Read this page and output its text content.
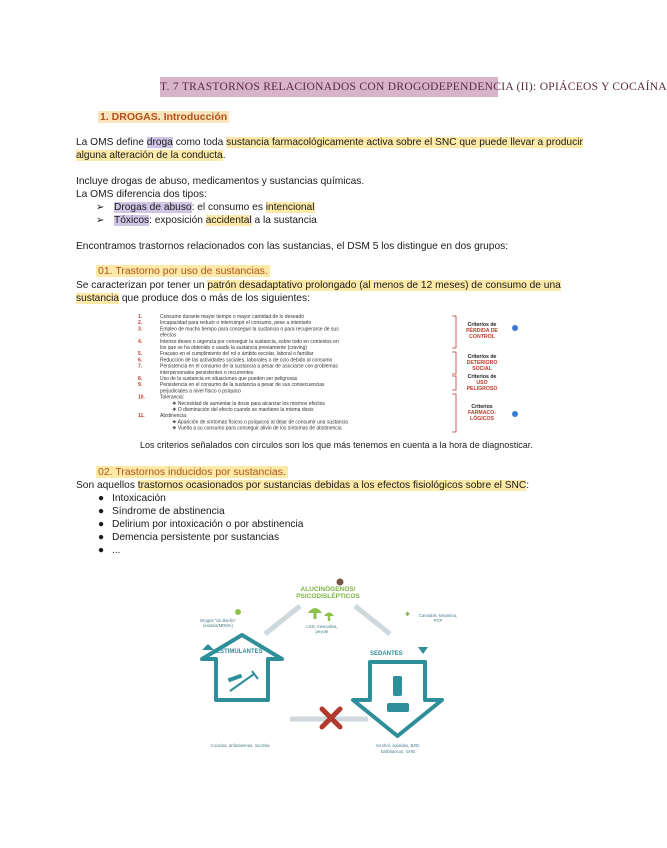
T. 7 TRASTORNOS RELACIONADOS CON DROGODEPENDENCIA (II): OPIÁCEOS Y COCAÍNA
1. DROGAS. Introducción
La OMS define droga como toda sustancia farmacológicamente activa sobre el SNC que puede llevar a producir
alguna alteración de la conducta.
Incluye drogas de abuso, medicamentos y sustancias químicas.
La OMS diferencia dos tipos:
➢ Drogas de abuso: el consumo es intencional
➢ Tóxicos: exposición accidental a la sustancia
Encontramos trastornos relacionados con las sustancias, el DSM 5 los distingue en dos grupos:
01. Trastorno por uso de sustancias.
Se caracterizan por tener un patrón desadaptativo prolongado (al menos de 12 meses) de consumo de una
sustancia que produce dos o más de los siguientes:
1.	Consumo durante mayor tiempo o mayor cantidad de lo deseado
2.	Incapacidad para reducir o interrumpir el consumo, pese a intentarlo
3.	Empleo de mucho tiempo para conseguir la sustancia o para recuperarse de sus
efectos
4.	Intenso deseo o urgencia por conseguir la sustancia, sobre todo en contextos en
los que se ha obtenido o usado la sustancia previamente (craving)
5.	Fracaso en el cumplimiento del rol o ámbito escolar, laboral o familiar
6.	Reducción de las actividades sociales, laborales o de ocio debido al consumo
7.	Persistencia en el consumo de la sustancia a pesar de asociarse con problemas
interpersonales persistentes o recurrentes
8.	Uso de la sustancia en situaciones que pueden ser peligrosas
9.	Persistencia en el consumo de la sustancia a pesar de sus consecuencias
perjudiciales a nivel físico o psíquico
10.	Tolerancia:
❖ Necesidad de aumentar la dosis para alcanzar los mismos efectos
❖ O disminución del efecto cuando se mantiene la misma dosis
11.	Abstinencia:
❖ Aparición de síntomas físicos o psíquicos al dejar de consumir una sustancia
❖ Vuelta a su consumo para conseguir alivio de los síntomas de abstinencia
Criterios de
PÉRDIDA DE
CONTROL
Criterios de
DETERIORO
SOCIAL
Criterios de
USO
PELIGROSO
Criterios
FARMACO-
LÓGICOS
Los criterios señalados con círculos son los que más tenemos en cuenta a la hora de diagnosticar.
02. Trastornos inducidos por sustancias.
Son aquellos trastornos ocasionados por sustancias debidas a los efectos fisiológicos sobre el SNC:
● Intoxicación
● Síndrome de abstinencia
● Delirium por intoxicación o por abstinencia
● Demencia persistente por sustancias
● ...
ALUCINÓGENOS/
PSICODISLÉPTICOS
LSD, mescalina,
peyote
Drogas "de diseño"
(éxtasis/MDMA)
✱ Cannabis, ketamina,
PCP
ESTIMULANTES
Cocaína, anfetaminas, nicotina
SEDANTES
Alcohol, opioides, BZD,
barbitúricos, GHB
